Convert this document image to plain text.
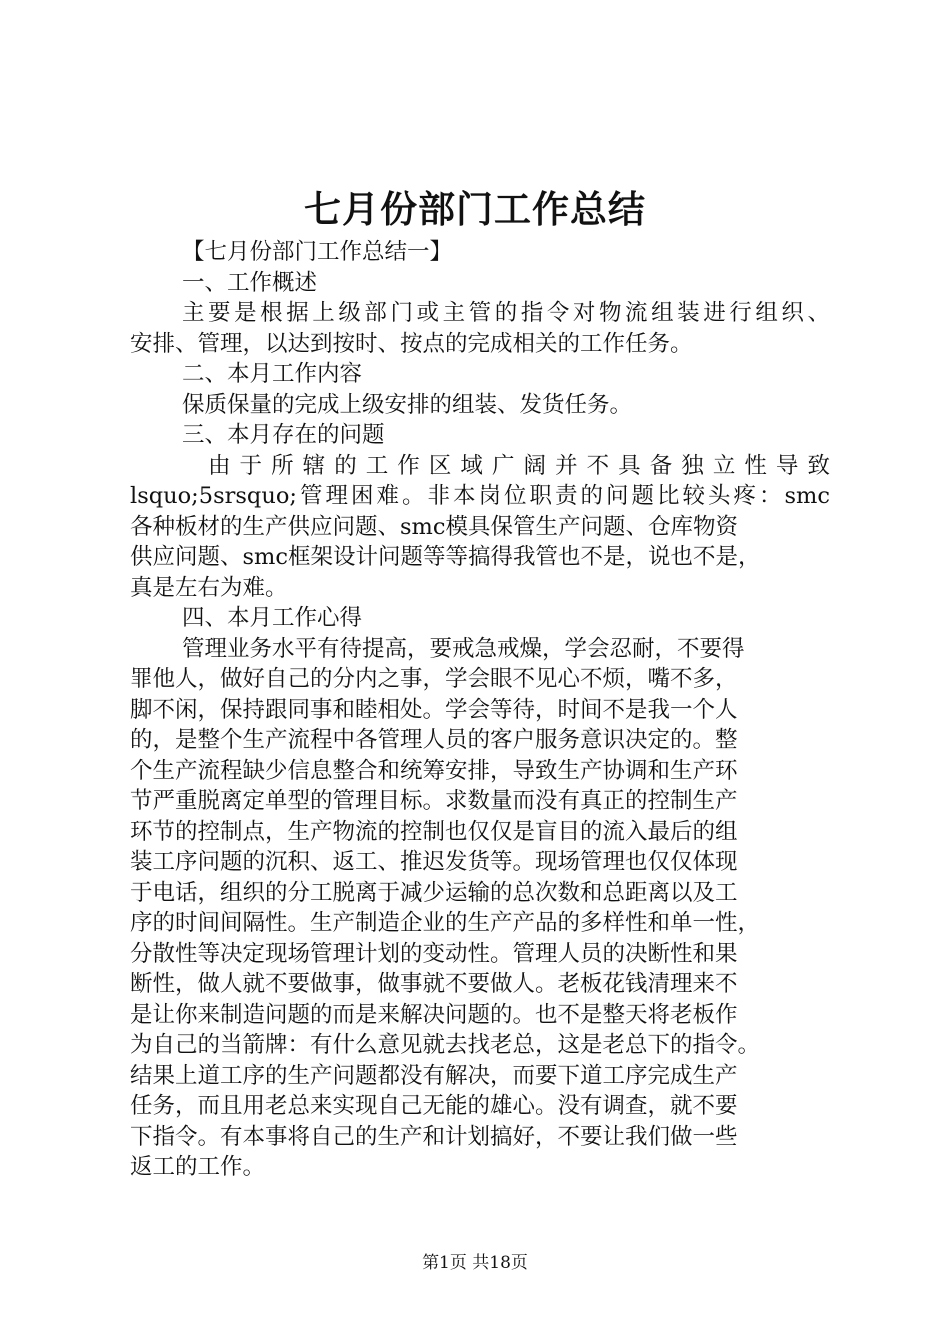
七月份部门工作总结

【七月份部门工作总结一】

一、工作概述

主要是根据上级部门或主管的指令对物流组装进行组织、

安排、管理，以达到按时、按点的完成相关的工作任务。

二、本月工作内容

保质保量的完成上级安排的组装、发货任务。

三、本月存在的问题

由于所辖的工作区域广阔并不具备独立性导致

lsquo;5srsquo;管理困难。非本岗位职责的问题比较头疼：smc

各种板材的生产供应问题、smc模具保管生产问题、仓库物资

供应问题、smc框架设计问题等等搞得我管也不是，说也不是，

真是左右为难。

四、本月工作心得

管理业务水平有待提高，要戒急戒燥，学会忍耐，不要得

罪他人，做好自己的分内之事，学会眼不见心不烦，嘴不多，

脚不闲，保持跟同事和睦相处。学会等待，时间不是我一个人

的，是整个生产流程中各管理人员的客户服务意识决定的。整

个生产流程缺少信息整合和统筹安排，导致生产协调和生产环

节严重脱离定单型的管理目标。求数量而没有真正的控制生产

环节的控制点，生产物流的控制也仅仅是盲目的流入最后的组

装工序问题的沉积、返工、推迟发货等。现场管理也仅仅体现

于电话，组织的分工脱离于减少运输的总次数和总距离以及工

序的时间间隔性。生产制造企业的生产产品的多样性和单一性，

分散性等决定现场管理计划的变动性。管理人员的决断性和果

断性，做人就不要做事，做事就不要做人。老板花钱清理来不

是让你来制造问题的而是来解决问题的。也不是整天将老板作

为自己的当箭牌：有什么意见就去找老总，这是老总下的指令。

结果上道工序的生产问题都没有解决，而要下道工序完成生产

任务，而且用老总来实现自己无能的雄心。没有调查，就不要

下指令。有本事将自己的生产和计划搞好，不要让我们做一些

返工的工作。

第1页 共18页
